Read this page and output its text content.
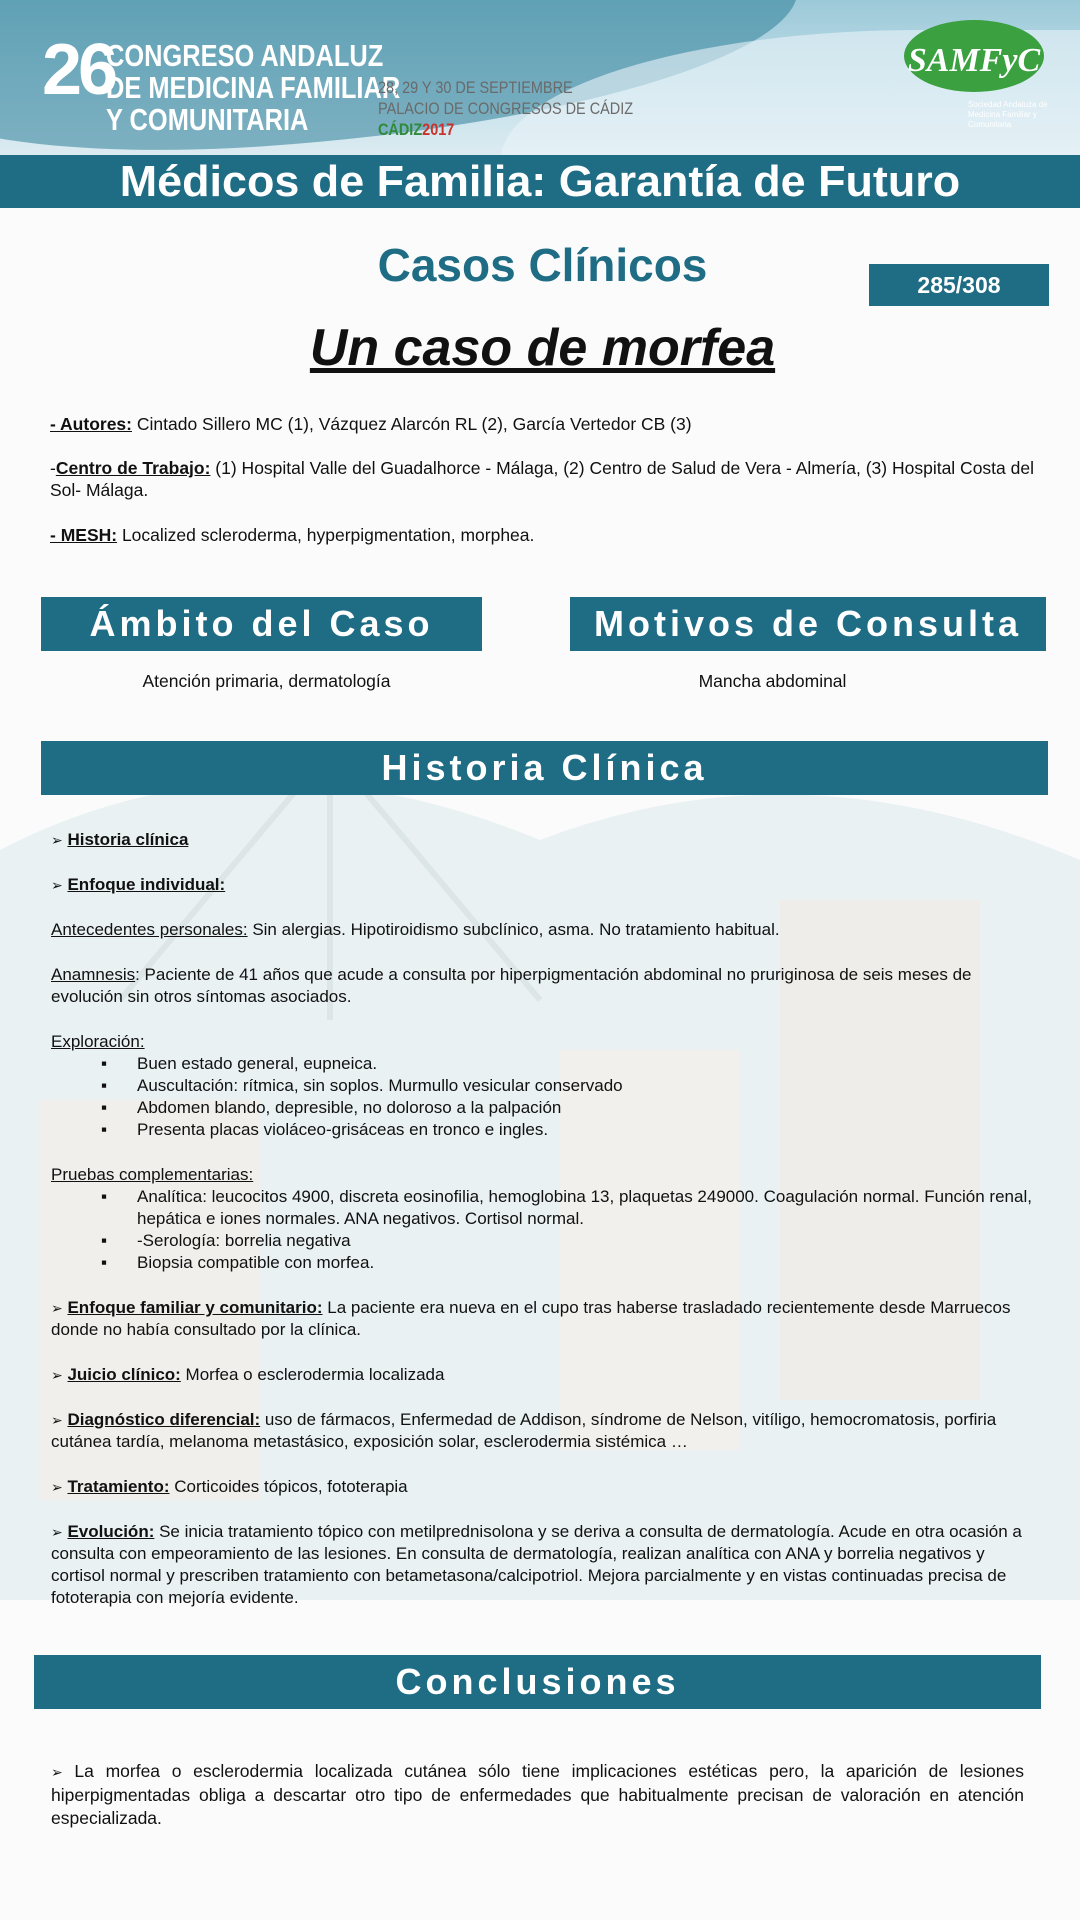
26
CONGRESO ANDALUZ
DE MEDICINA FAMILIAR
Y COMUNITARIA
28, 29 Y 30 DE SEPTIEMBRE
PALACIO DE CONGRESOS DE CÁDIZ
CÁDIZ2017
SAMFyC
Sociedad Andaluza de Medicina Familiar y Comunitaria
Médicos de Familia: Garantía de Futuro
Casos Clínicos	285/308
Un caso de morfea
- Autores: Cintado Sillero MC (1), Vázquez Alarcón RL (2), García Vertedor CB (3)
-Centro de Trabajo: (1) Hospital Valle del Guadalhorce - Málaga, (2) Centro de Salud de Vera - Almería, (3) Hospital Costa del Sol- Málaga.
- MESH: Localized scleroderma, hyperpigmentation, morphea.
Ámbito del Caso	Motivos de Consulta
Atención primaria, dermatología	Mancha abdominal
Historia Clínica

➢ Historia clínica

➢ Enfoque individual:

Antecedentes personales: Sin alergias. Hipotiroidismo subclínico, asma. No tratamiento habitual.

Anamnesis: Paciente de 41 años que acude a consulta por hiperpigmentación abdominal no pruriginosa de seis meses de evolución sin otros síntomas asociados.

Exploración:
▪ Buen estado general, eupneica.
▪ Auscultación: rítmica, sin soplos. Murmullo vesicular conservado
▪ Abdomen blando, depresible, no doloroso a la palpación
▪ Presenta placas violáceo-grisáceas en tronco e ingles.
Pruebas complementarias:
▪ Analítica: leucocitos 4900, discreta eosinofilia, hemoglobina 13, plaquetas 249000. Coagulación normal. Función renal, hepática e iones normales. ANA negativos. Cortisol normal.
▪ -Serología: borrelia negativa
▪ Biopsia compatible con morfea.

➢ Enfoque familiar y comunitario: La paciente era nueva en el cupo tras haberse trasladado recientemente desde Marruecos donde no había consultado por la clínica.

➢ Juicio clínico: Morfea o esclerodermia localizada

➢ Diagnóstico diferencial: uso de fármacos, Enfermedad de Addison, síndrome de Nelson, vitíligo, hemocromatosis, porfiria cutánea tardía, melanoma metastásico, exposición solar, esclerodermia sistémica …

➢ Tratamiento: Corticoides tópicos, fototerapia

➢ Evolución: Se inicia tratamiento tópico con metilprednisolona y se deriva a consulta de dermatología. Acude en otra ocasión a consulta con empeoramiento de las lesiones. En consulta de dermatología, realizan analítica con ANA y borrelia negativos y cortisol normal y prescriben tratamiento con betametasona/calcipotriol. Mejora parcialmente y en vistas continuadas precisa de fototerapia con mejoría evidente.

Conclusiones
➢ La morfea o esclerodermia localizada cutánea sólo tiene implicaciones estéticas pero, la aparición de lesiones hiperpigmentadas obliga a descartar otro tipo de enfermedades que habitualmente precisan de valoración en atención especializada.
